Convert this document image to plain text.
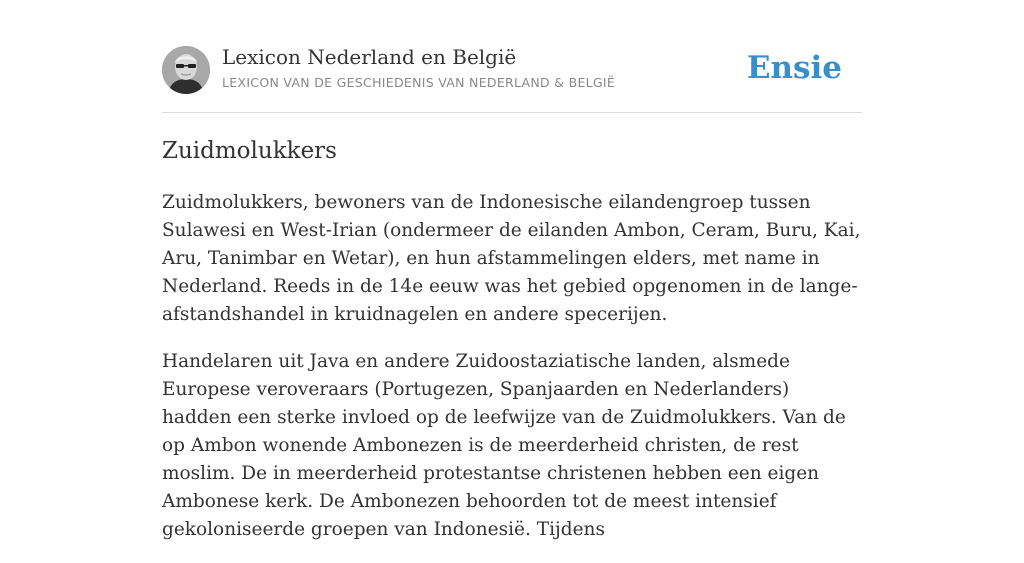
Lexicon Nederland en België
LEXICON VAN DE GESCHIEDENIS VAN NEDERLAND & BELGIË	Ensie
Zuidmolukkers

Zuidmolukkers, bewoners van de Indonesische eilandengroep tussen Sulawesi en West-Irian (ondermeer de eilanden Ambon, Ceram, Buru, Kai, Aru, Tanimbar en Wetar), en hun afstammelingen elders, met name in Nederland. Reeds in de 14e eeuw was het gebied opgenomen in de lange-afstandshandel in kruidnagelen en andere specerijen.

Handelaren uit Java en andere Zuidoostaziatische landen, alsmede Europese veroveraars (Portugezen, Spanjaarden en Nederlanders) hadden een sterke invloed op de leefwijze van de Zuidmolukkers. Van de op Ambon wonende Ambonezen is de meerderheid christen, de rest moslim. De in meerderheid protestantse christenen hebben een eigen Ambonese kerk. De Ambonezen behoorden tot de meest intensief gekoloniseerde groepen van Indonesië. Tijdens
